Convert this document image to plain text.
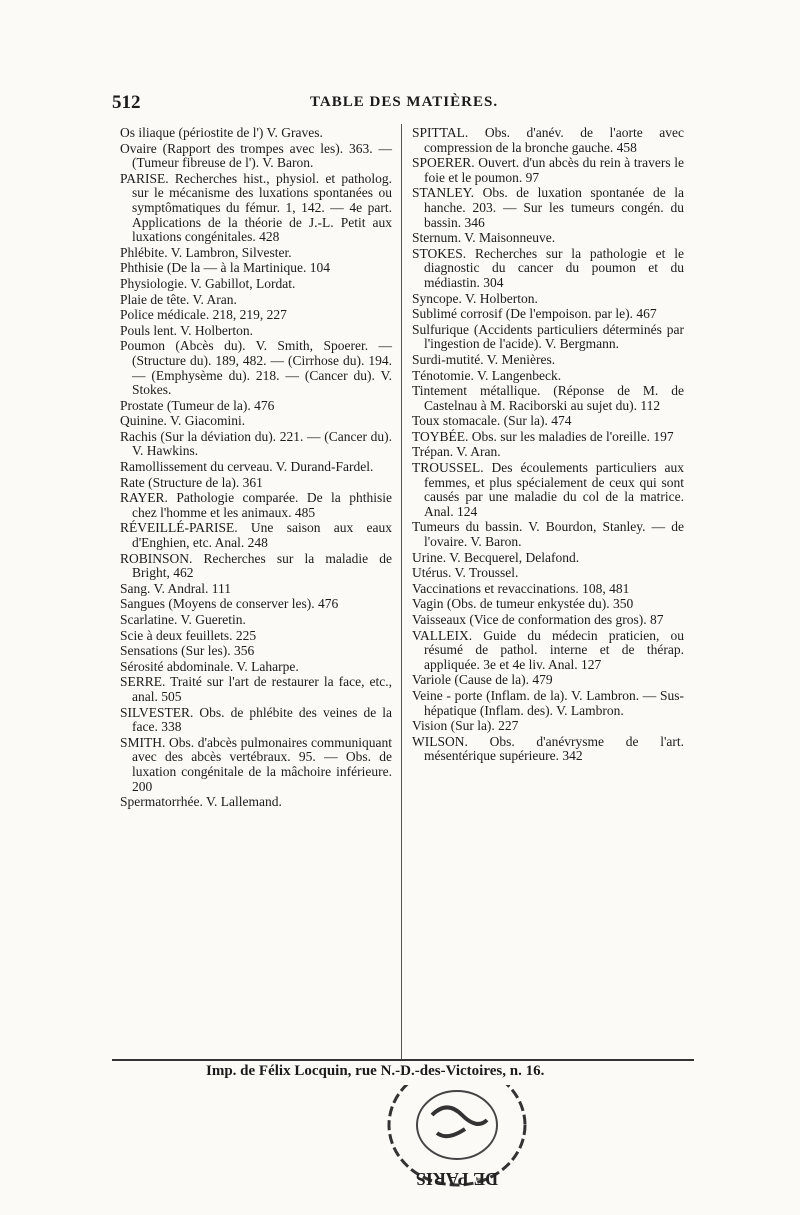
512	TABLE DES MATIÈRES.
Os iliaque (périostite de l') V. Graves.
Ovaire (Rapport des trompes avec les). 363. — (Tumeur fibreuse de l'). V. Baron.
PARISE. Recherches hist., physiol. et patholog. sur le mécanisme des luxations spontanées ou symptômatiques du fémur. 1, 142. — 4e part. Applications de la théorie de J.-L. Petit aux luxations congénitales. 428
Phlébite. V. Lambron, Silvester.
Phthisie (De la — à la Martinique. 104
Physiologie. V. Gabillot, Lordat.
Plaie de tête. V. Aran.
Police médicale. 218, 219, 227
Pouls lent. V. Holberton.
Poumon (Abcès du). V. Smith, Spoerer. — (Structure du). 189, 482. — (Cirrhose du). 194. — (Emphysème du). 218. — (Cancer du). V. Stokes.
Prostate (Tumeur de la). 476
Quinine. V. Giacomini.
Rachis (Sur la déviation du). 221. — (Cancer du). V. Hawkins.
Ramollissement du cerveau. V. Durand-Fardel.
Rate (Structure de la). 361
RAYER. Pathologie comparée. De la phthisie chez l'homme et les animaux. 485
RÉVEILLÉ-PARISE. Une saison aux eaux d'Enghien, etc. Anal. 248
ROBINSON. Recherches sur la maladie de Bright, 462
Sang. V. Andral. 111
Sangues (Moyens de conserver les). 476
Scarlatine. V. Gueretin.
Scie à deux feuillets. 225
Sensations (Sur les). 356
Sérosité abdominale. V. Laharpe.
SERRE. Traité sur l'art de restaurer la face, etc., anal. 505
SILVESTER. Obs. de phlébite des veines de la face. 338
SMITH. Obs. d'abcès pulmonaires communiquant avec des abcès vertébraux. 95. — Obs. de luxation congénitale de la mâchoire inférieure. 200
Spermatorrhée. V. Lallemand.
SPITTAL. Obs. d'anév. de l'aorte avec compression de la bronche gauche. 458
SPOERER. Ouvert. d'un abcès du rein à travers le foie et le poumon. 97
STANLEY. Obs. de luxation spontanée de la hanche. 203. — Sur les tumeurs congén. du bassin. 346
Sternum. V. Maisonneuve.
STOKES. Recherches sur la pathologie et le diagnostic du cancer du poumon et du médiastin. 304
Syncope. V. Holberton.
Sublimé corrosif (De l'empoison. par le). 467
Sulfurique (Accidents particuliers déterminés par l'ingestion de l'acide). V. Bergmann.
Surdi-mutité. V. Menières.
Ténotomie. V. Langenbeck.
Tintement métallique. (Réponse de M. de Castelnau à M. Raciborski au sujet du). 112
Toux stomacale. (Sur la). 474
TOYBÉE. Obs. sur les maladies de l'oreille. 197
Trépan. V. Aran.
TROUSSEL. Des écoulements particuliers aux femmes, et plus spécialement de ceux qui sont causés par une maladie du col de la matrice. Anal. 124
Tumeurs du bassin. V. Bourdon, Stanley. — de l'ovaire. V. Baron.
Urine. V. Becquerel, Delafond.
Utérus. V. Troussel.
Vaccinations et revaccinations. 108, 481
Vagin (Obs. de tumeur enkystée du). 350
Vaisseaux (Vice de conformation des gros). 87
VALLEIX. Guide du médecin praticien, ou résumé de pathol. interne et de thérap. appliquée. 3e et 4e liv. Anal. 127
Variole (Cause de la). 479
Veine - porte (Inflam. de la). V. Lambron. — Sus-hépatique (Inflam. des). V. Lambron.
Vision (Sur la). 227
WILSON. Obs. d'anévrysme de l'art. mésentérique supérieure. 342
Imp. de Félix Locquin, rue N.-D.-des-Victoires, n. 16.
DE PARIS
